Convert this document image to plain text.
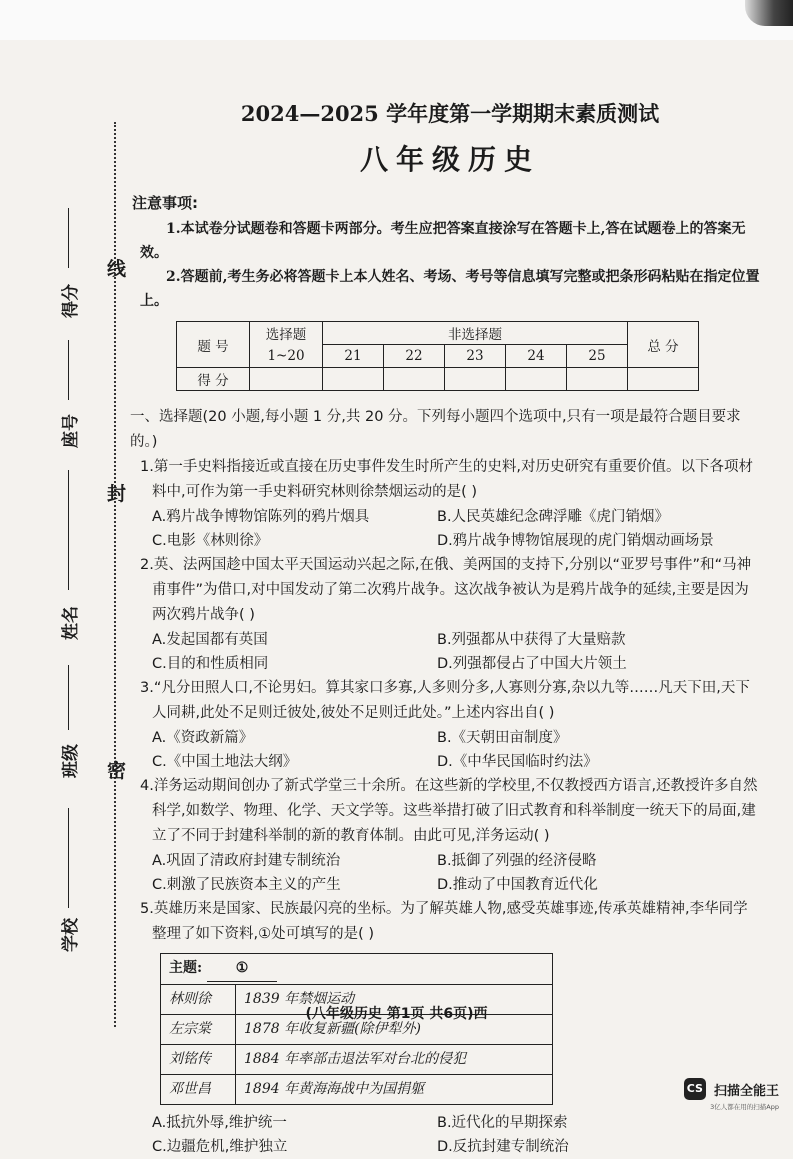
线
封
密
得分
座号
姓名
班级
学校
2024—2025 学年度第一学期期末素质测试
八年级历史
注意事项:

1.本试卷分试题卷和答题卡两部分。考生应把答案直接涂写在答题卡上,答在试题卷上的答案无效。

2.答题前,考生务必将答题卡上本人姓名、考场、考号等信息填写完整或把条形码粘贴在指定位置上。

题 号	选择题	非选择题					总 分
	1~20	21	22	23	24	25	
得 分							
一、选择题(20 小题,每小题 1 分,共 20 分。下列每小题四个选项中,只有一项是最符合题目要求的。)
1.第一手史料指接近或直接在历史事件发生时所产生的史料,对历史研究有重要价值。以下各项材料中,可作为第一手史料研究林则徐禁烟运动的是( )
A.鸦片战争博物馆陈列的鸦片烟具	B.人民英雄纪念碑浮雕《虎门销烟》
C.电影《林则徐》	D.鸦片战争博物馆展现的虎门销烟动画场景
2.英、法两国趁中国太平天国运动兴起之际,在俄、美两国的支持下,分别以“亚罗号事件”和“马神甫事件”为借口,对中国发动了第二次鸦片战争。这次战争被认为是鸦片战争的延续,主要是因为两次鸦片战争( )
A.发起国都有英国	B.列强都从中获得了大量赔款
C.目的和性质相同	D.列强都侵占了中国大片领土
3.“凡分田照人口,不论男妇。算其家口多寡,人多则分多,人寡则分寡,杂以九等……凡天下田,天下人同耕,此处不足则迁彼处,彼处不足则迁此处。”上述内容出自( )
A.《资政新篇》	B.《天朝田亩制度》
C.《中国土地法大纲》	D.《中华民国临时约法》
4.洋务运动期间创办了新式学堂三十余所。在这些新的学校里,不仅教授西方语言,还教授许多自然科学,如数学、物理、化学、天文学等。这些举措打破了旧式教育和科举制度一统天下的局面,建立了不同于封建科举制的新的教育体制。由此可见,洋务运动( )
A.巩固了清政府封建专制统治	B.抵御了列强的经济侵略
C.刺激了民族资本主义的产生	D.推动了中国教育近代化
5.英雄历来是国家、民族最闪亮的坐标。为了解英雄人物,感受英雄事迹,传承英雄精神,李华同学整理了如下资料,①处可填写的是( )
主题: ①	
林则徐	1839 年禁烟运动
左宗棠	1878 年收复新疆(除伊犁外)
刘铭传	1884 年率部击退法军对台北的侵犯
邓世昌	1894 年黄海海战中为国捐躯
A.抵抗外辱,维护统一	B.近代化的早期探索
C.边疆危机,维护独立	D.反抗封建专制统治
(八年级历史 第1页 共6页)西
CS 扫描全能王
3亿人都在用的扫描App
